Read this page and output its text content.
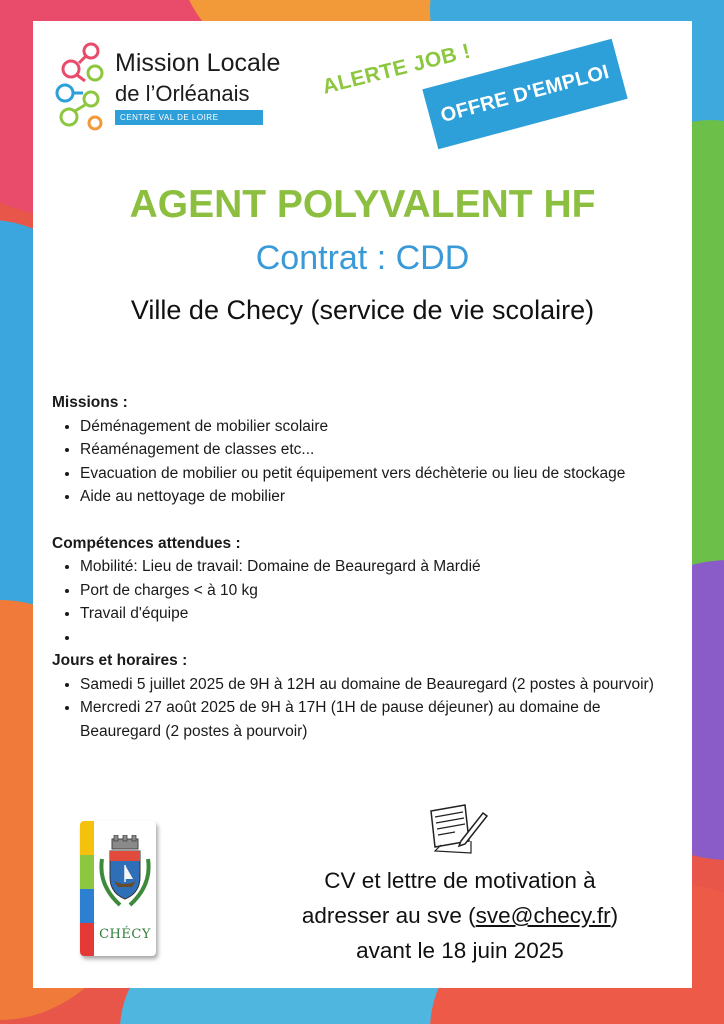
Mission Locale
de l’Orléanais
CENTRE VAL DE LOIRE
ALERTE JOB !
OFFRE D'EMPLOI
AGENT POLYVALENT HF
Contrat : CDD
Ville de Checy (service de vie scolaire)
Missions :
• Déménagement de mobilier scolaire
• Réaménagement de classes etc...
• Evacuation de mobilier ou petit équipement vers déchèterie ou lieu de stockage
• Aide au nettoyage de mobilier
Compétences attendues :
• Mobilité: Lieu de travail: Domaine de Beauregard à Mardié
• Port de charges < à 10 kg
• Travail d'équipe
•
Jours et horaires :
• Samedi 5 juillet 2025 de 9H à 12H au domaine de Beauregard (2 postes à pourvoir)
• Mercredi 27 août 2025 de 9H à 17H (1H de pause déjeuner) au domaine de Beauregard (2 postes à pourvoir)
CHÉCY
CV et lettre de motivation à
adresser au sve (sve@checy.fr)
avant le 18 juin 2025
